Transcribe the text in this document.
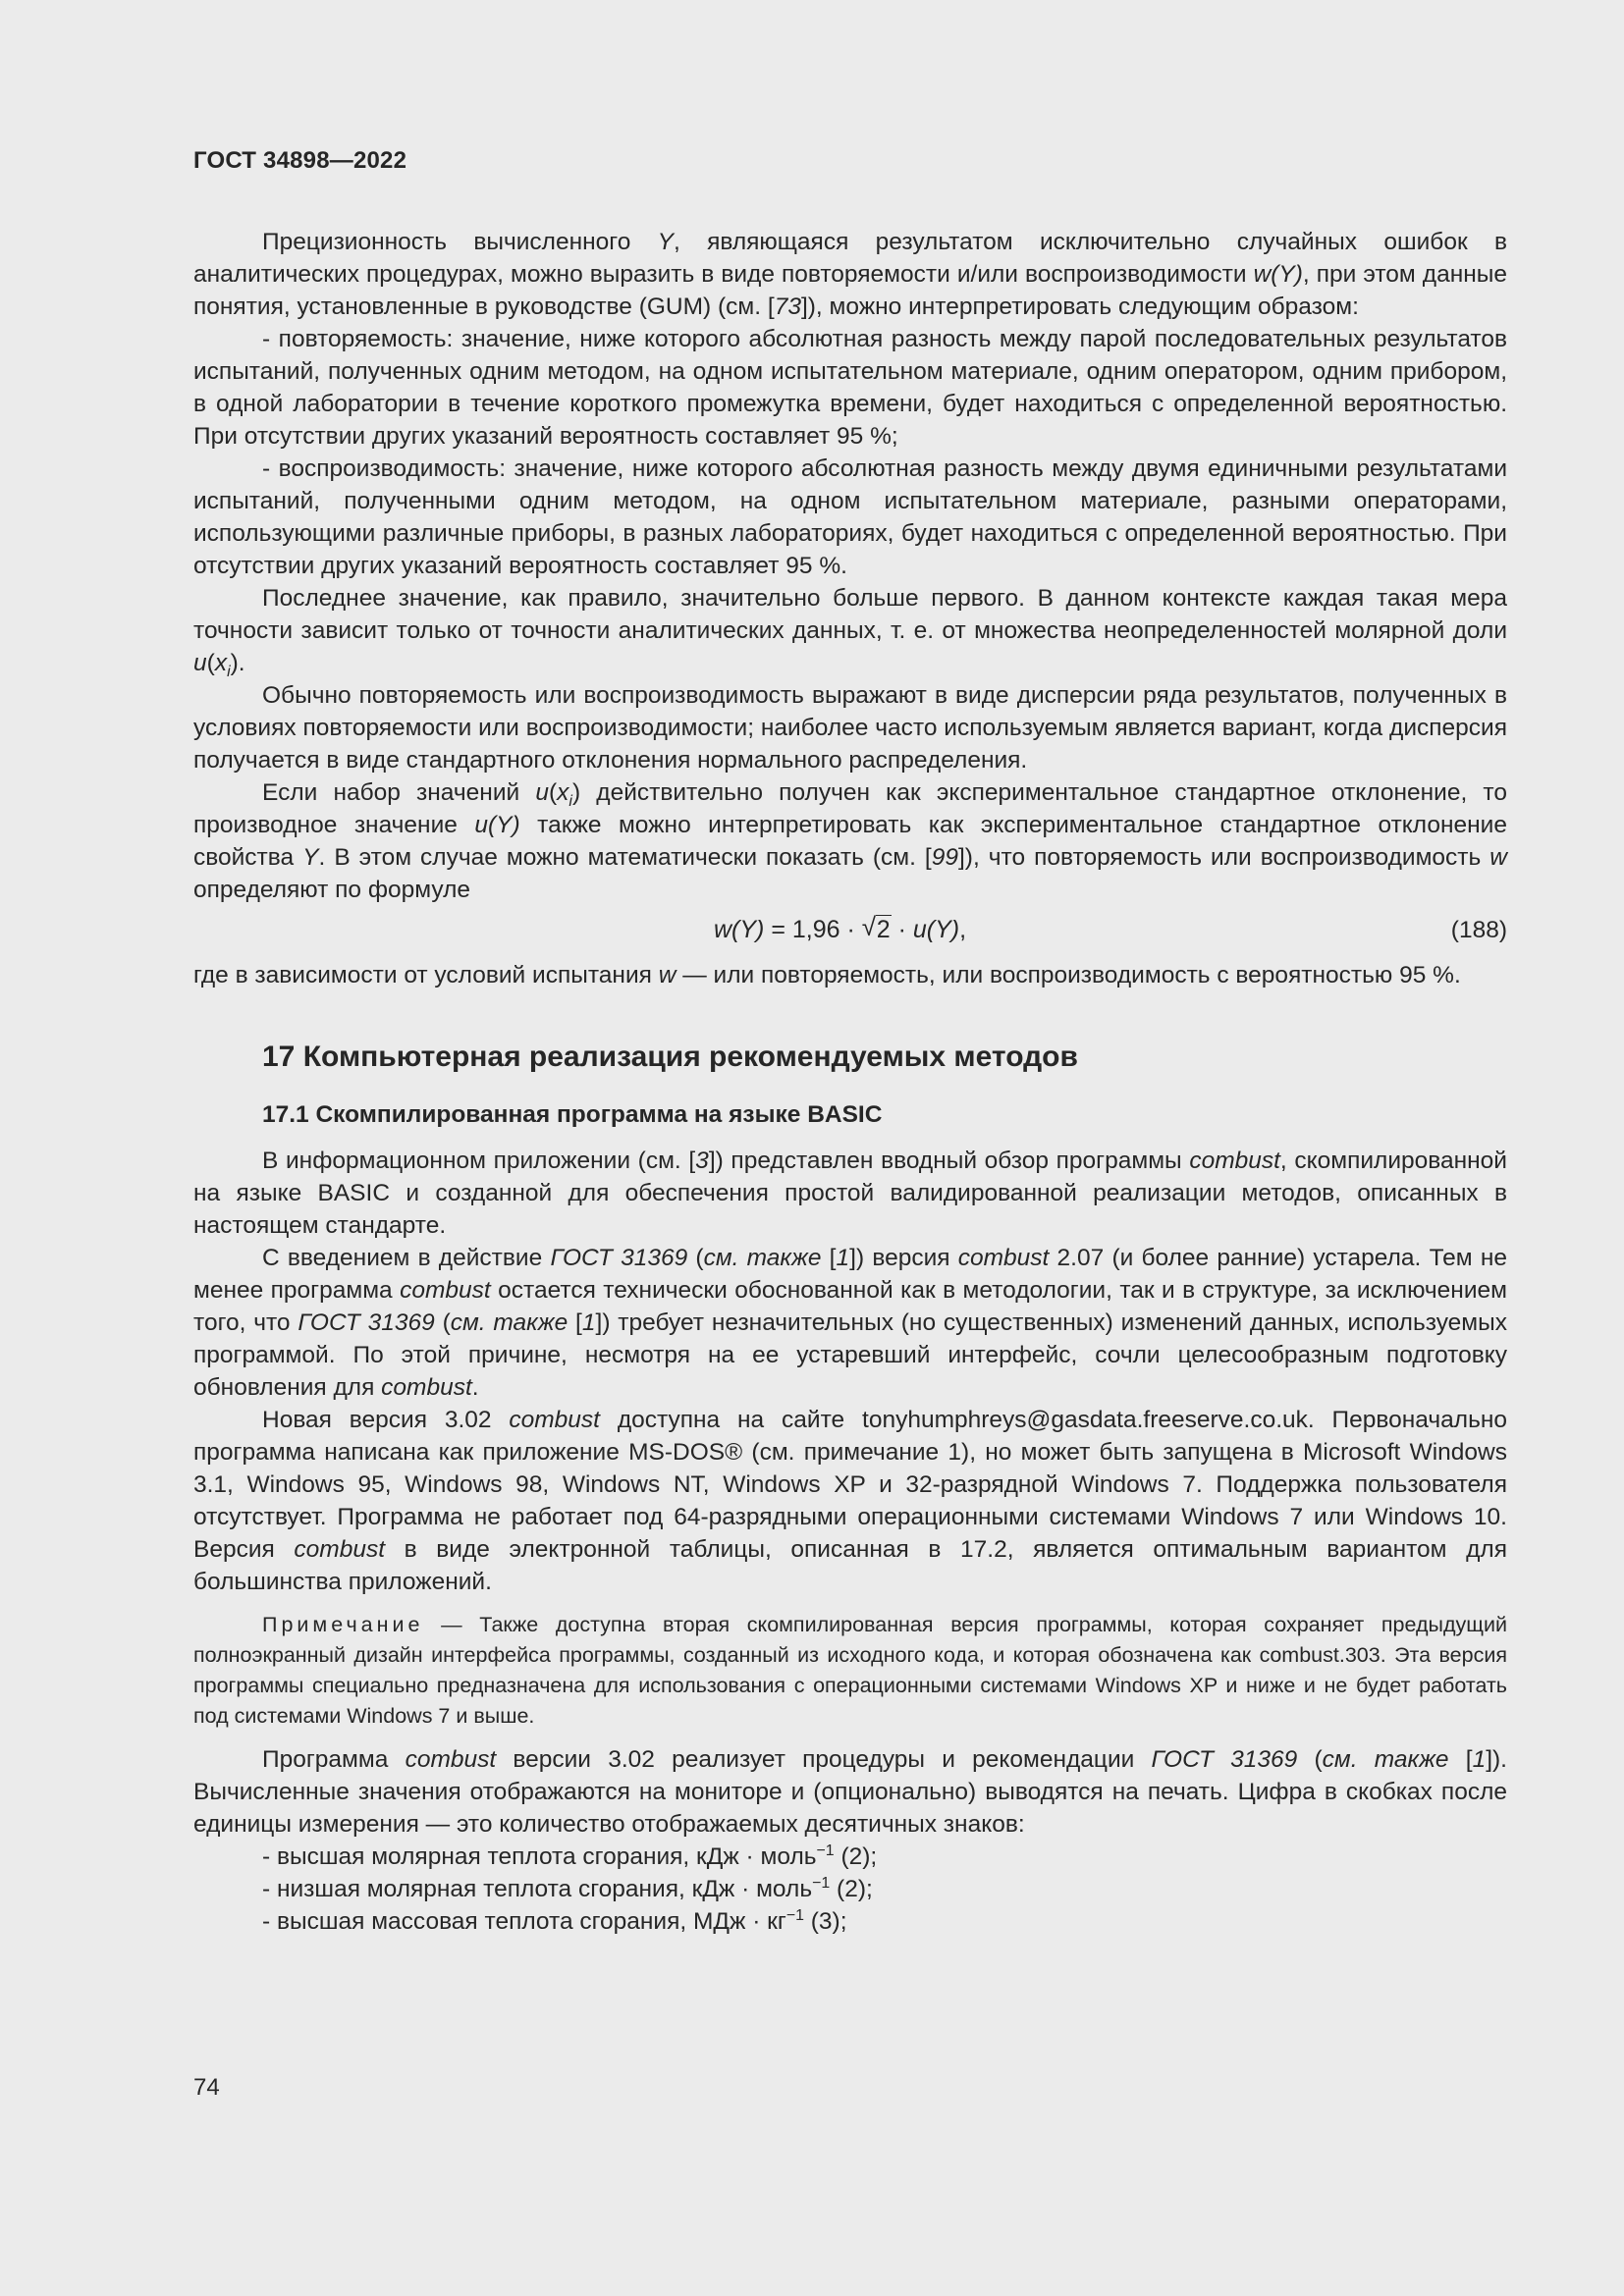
ГОСТ 34898—2022

Прецизионность вычисленного Y, являющаяся результатом исключительно случайных ошибок в аналитических процедурах, можно выразить в виде повторяемости и/или воспроизводимости w(Y), при этом данные понятия, установленные в руководстве (GUM) (см. [73]), можно интерпретировать следующим образом:

- повторяемость: значение, ниже которого абсолютная разность между парой последовательных результатов испытаний, полученных одним методом, на одном испытательном материале, одним оператором, одним прибором, в одной лаборатории в течение короткого промежутка времени, будет находиться с определенной вероятностью. При отсутствии других указаний вероятность составляет 95 %;

- воспроизводимость: значение, ниже которого абсолютная разность между двумя единичными результатами испытаний, полученными одним методом, на одном испытательном материале, разными операторами, использующими различные приборы, в разных лабораториях, будет находиться с определенной вероятностью. При отсутствии других указаний вероятность составляет 95 %.

Последнее значение, как правило, значительно больше первого. В данном контексте каждая такая мера точности зависит только от точности аналитических данных, т. е. от множества неопределенностей молярной доли $u(x_i)$.

Обычно повторяемость или воспроизводимость выражают в виде дисперсии ряда результатов, полученных в условиях повторяемости или воспроизводимости; наиболее часто используемым является вариант, когда дисперсия получается в виде стандартного отклонения нормального распределения.

Если набор значений $u(x_i)$ действительно получен как экспериментальное стандартное отклонение, то производное значение u(Y) также можно интерпретировать как экспериментальное стандартное отклонение свойства Y. В этом случае можно математически показать (см. [99]), что повторяемость или воспроизводимость w определяют по формуле

w(Y) = 1,96 · √ 2 · u(Y),	(188)

где в зависимости от условий испытания w — или повторяемость, или воспроизводимость с вероятностью 95 %.

17 Компьютерная реализация рекомендуемых методов
17.1 Скомпилированная программа на языке BASIC

В информационном приложении (см. [3]) представлен вводный обзор программы combust, скомпилированной на языке BASIC и созданной для обеспечения простой валидированной реализации методов, описанных в настоящем стандарте.

С введением в действие ГОСТ 31369 (см. также [1]) версия combust 2.07 (и более ранние) устарела. Тем не менее программа combust остается технически обоснованной как в методологии, так и в структуре, за исключением того, что ГОСТ 31369 (см. также [1]) требует незначительных (но существенных) изменений данных, используемых программой. По этой причине, несмотря на ее устаревший интерфейс, сочли целесообразным подготовку обновления для combust.

Новая версия 3.02 combust доступна на сайте tonyhumphreys@gasdata.freeserve.co.uk. Первоначально программа написана как приложение MS-DOS® (см. примечание 1), но может быть запущена в Microsoft Windows 3.1, Windows 95, Windows 98, Windows NT, Windows XP и 32-разрядной Windows 7. Поддержка пользователя отсутствует. Программа не работает под 64-разрядными операционными системами Windows 7 или Windows 10. Версия combust в виде электронной таблицы, описанная в 17.2, является оптимальным вариантом для большинства приложений.

Примечание — Также доступна вторая скомпилированная версия программы, которая сохраняет предыдущий полноэкранный дизайн интерфейса программы, созданный из исходного кода, и которая обозначена как combust.303. Эта версия программы специально предназначена для использования с операционными системами Windows XP и ниже и не будет работать под системами Windows 7 и выше.

Программа combust версии 3.02 реализует процедуры и рекомендации ГОСТ 31369 (см. также [1]). Вычисленные значения отображаются на мониторе и (опционально) выводятся на печать. Цифра в скобках после единицы измерения — это количество отображаемых десятичных знаков:

- высшая молярная теплота сгорания, кДж · моль$^{-1}$ (2);

- низшая молярная теплота сгорания, кДж · моль$^{-1}$ (2);

- высшая массовая теплота сгорания, МДж · $кг^{-1}$ (3);

74
